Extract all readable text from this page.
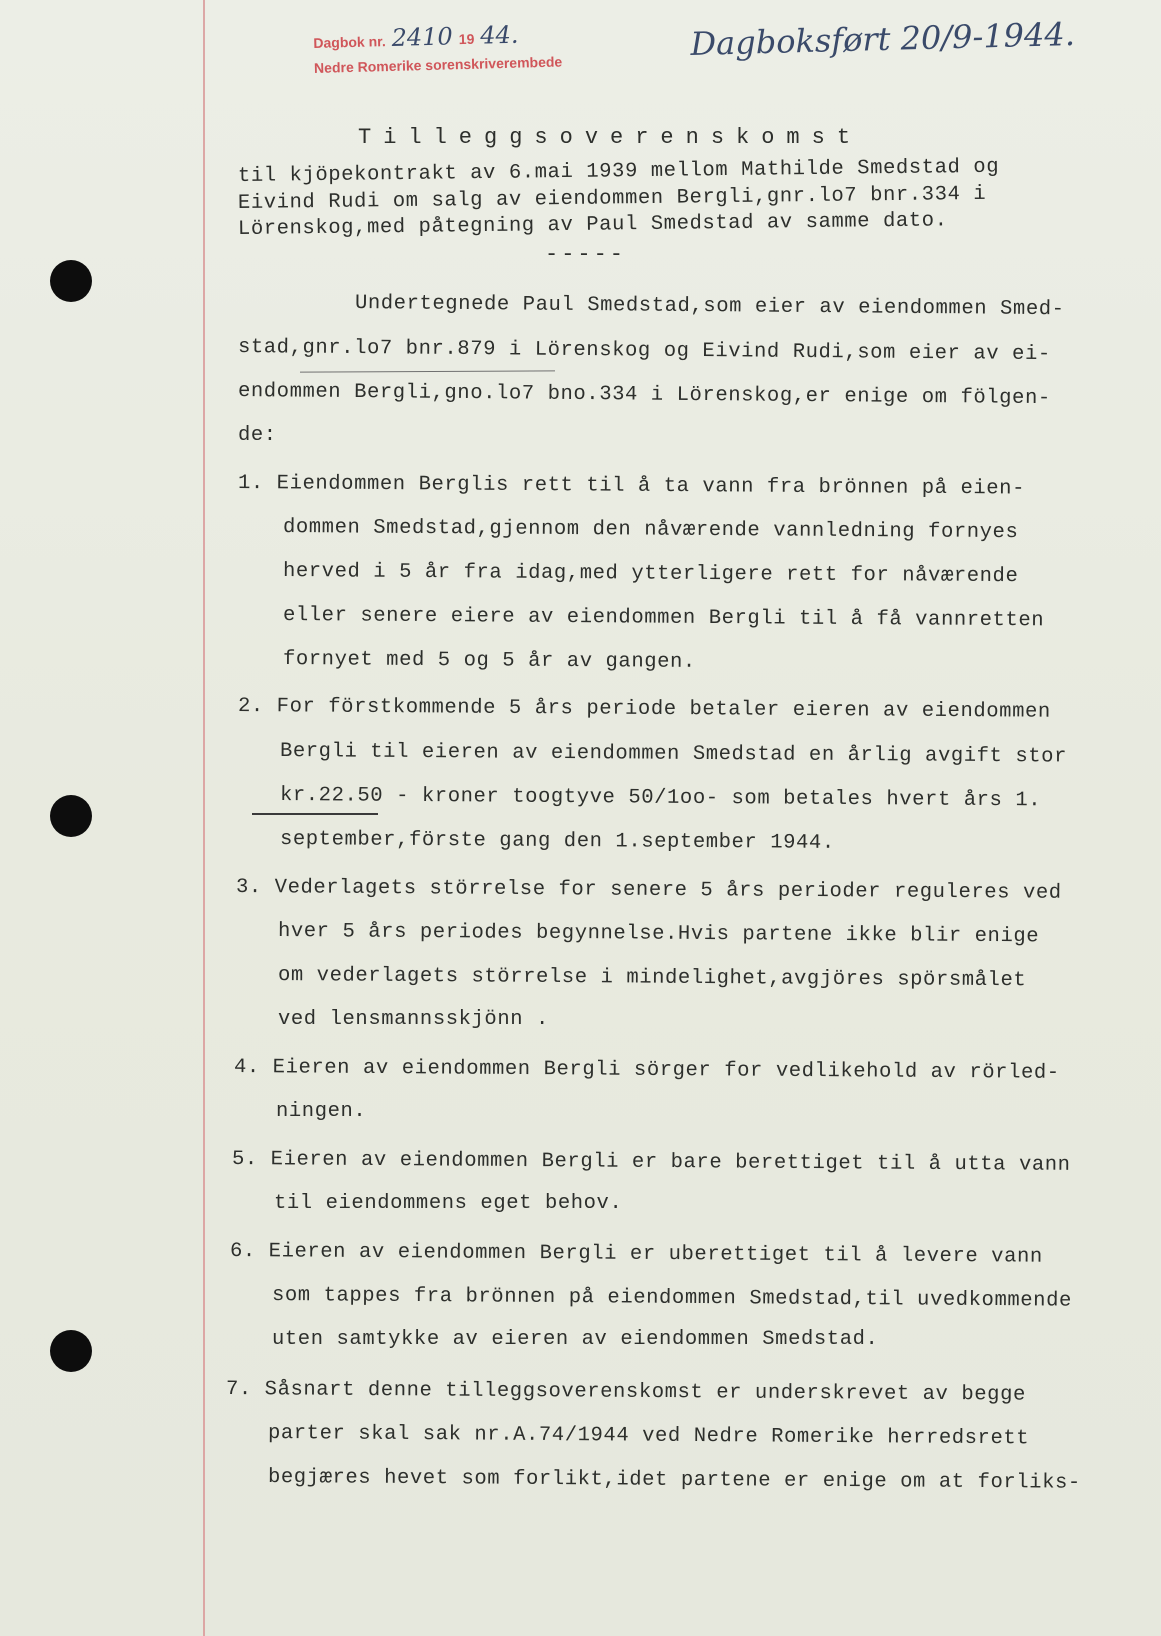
Dagbok nr. 2410 19 44.
Nedre Romerike sorenskriverembede
Dagboksført 20/9-1944.
Tilleggsoverenskomst
til kjöpekontrakt av 6.mai 1939 mellom Mathilde Smedstad og
Eivind Rudi om salg av eiendommen Bergli,gnr.lo7 bnr.334 i
Lörenskog,med påtegning av Paul Smedstad av samme dato.
-----
Undertegnede Paul Smedstad,som eier av eiendommen Smed-
stad,gnr.lo7 bnr.879 i Lörenskog og Eivind Rudi,som eier av ei-
endommen Bergli,gno.lo7 bno.334 i Lörenskog,er enige om fölgen-
de:
1. Eiendommen Berglis rett til å ta vann fra brönnen på eien-
dommen Smedstad,gjennom den nåværende vannledning fornyes
herved i 5 år fra idag,med ytterligere rett for nåværende
eller senere eiere av eiendommen Bergli til å få vannretten
fornyet med 5 og 5 år av gangen.
2. For förstkommende 5 års periode betaler eieren av eiendommen
Bergli til eieren av eiendommen Smedstad en årlig avgift stor
kr.22.50 - kroner toogtyve 50/1oo- som betales hvert års 1.
september,förste gang den 1.september 1944.
3. Vederlagets störrelse for senere 5 års perioder reguleres ved
hver 5 års periodes begynnelse.Hvis partene ikke blir enige
om vederlagets störrelse i mindelighet,avgjöres spörsmålet
ved lensmannsskjönn .
4. Eieren av eiendommen Bergli sörger for vedlikehold av rörled-
ningen.
5. Eieren av eiendommen Bergli er bare berettiget til å utta vann
til eiendommens eget behov.
6. Eieren av eiendommen Bergli er uberettiget til å levere vann
som tappes fra brönnen på eiendommen Smedstad,til uvedkommende
uten samtykke av eieren av eiendommen Smedstad.
7. Såsnart denne tilleggsoverenskomst er underskrevet av begge
parter skal sak nr.A.74/1944 ved Nedre Romerike herredsrett
begjæres hevet som forlikt,idet partene er enige om at forliks-
